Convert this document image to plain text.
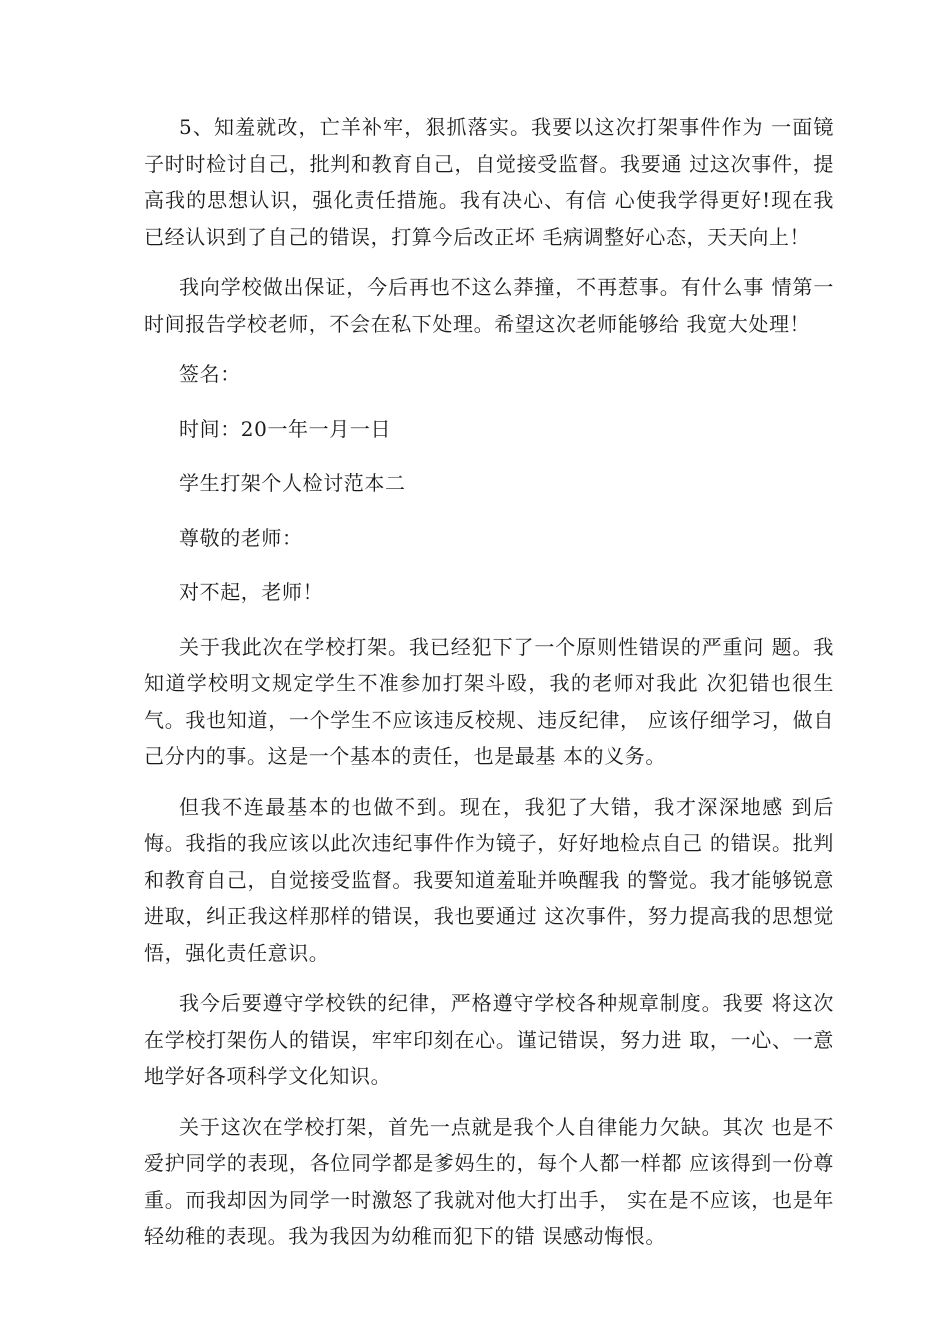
5、知羞就改，亡羊补牢，狠抓落实。我要以这次打架事件作为 一面镜子时时检讨自己，批判和教育自己，自觉接受监督。我要通 过这次事件，提高我的思想认识，强化责任措施。我有决心、有信 心使我学得更好!现在我已经认识到了自己的错误，打算今后改正坏 毛病调整好心态，天天向上！

我向学校做出保证，今后再也不这么莽撞，不再惹事。有什么事 情第一时间报告学校老师，不会在私下处理。希望这次老师能够给 我宽大处理！

签名：

时间：20一年一月一日

学生打架个人检讨范本二

尊敬的老师：

对不起，老师！

关于我此次在学校打架。我已经犯下了一个原则性错误的严重问 题。我知道学校明文规定学生不准参加打架斗殴，我的老师对我此 次犯错也很生气。我也知道，一个学生不应该违反校规、违反纪律， 应该仔细学习，做自己分内的事。这是一个基本的责任，也是最基 本的义务。

但我不连最基本的也做不到。现在，我犯了大错，我才深深地感 到后悔。我指的我应该以此次违纪事件作为镜子，好好地检点自己 的错误。批判和教育自己，自觉接受监督。我要知道羞耻并唤醒我 的警觉。我才能够锐意进取，纠正我这样那样的错误，我也要通过 这次事件，努力提高我的思想觉悟，强化责任意识。

我今后要遵守学校铁的纪律，严格遵守学校各种规章制度。我要 将这次在学校打架伤人的错误，牢牢印刻在心。谨记错误，努力进 取，一心、一意地学好各项科学文化知识。

关于这次在学校打架，首先一点就是我个人自律能力欠缺。其次 也是不爱护同学的表现，各位同学都是爹妈生的，每个人都一样都 应该得到一份尊重。而我却因为同学一时激怒了我就对他大打出手， 实在是不应该，也是年轻幼稚的表现。我为我因为幼稚而犯下的错 误感动悔恨。
